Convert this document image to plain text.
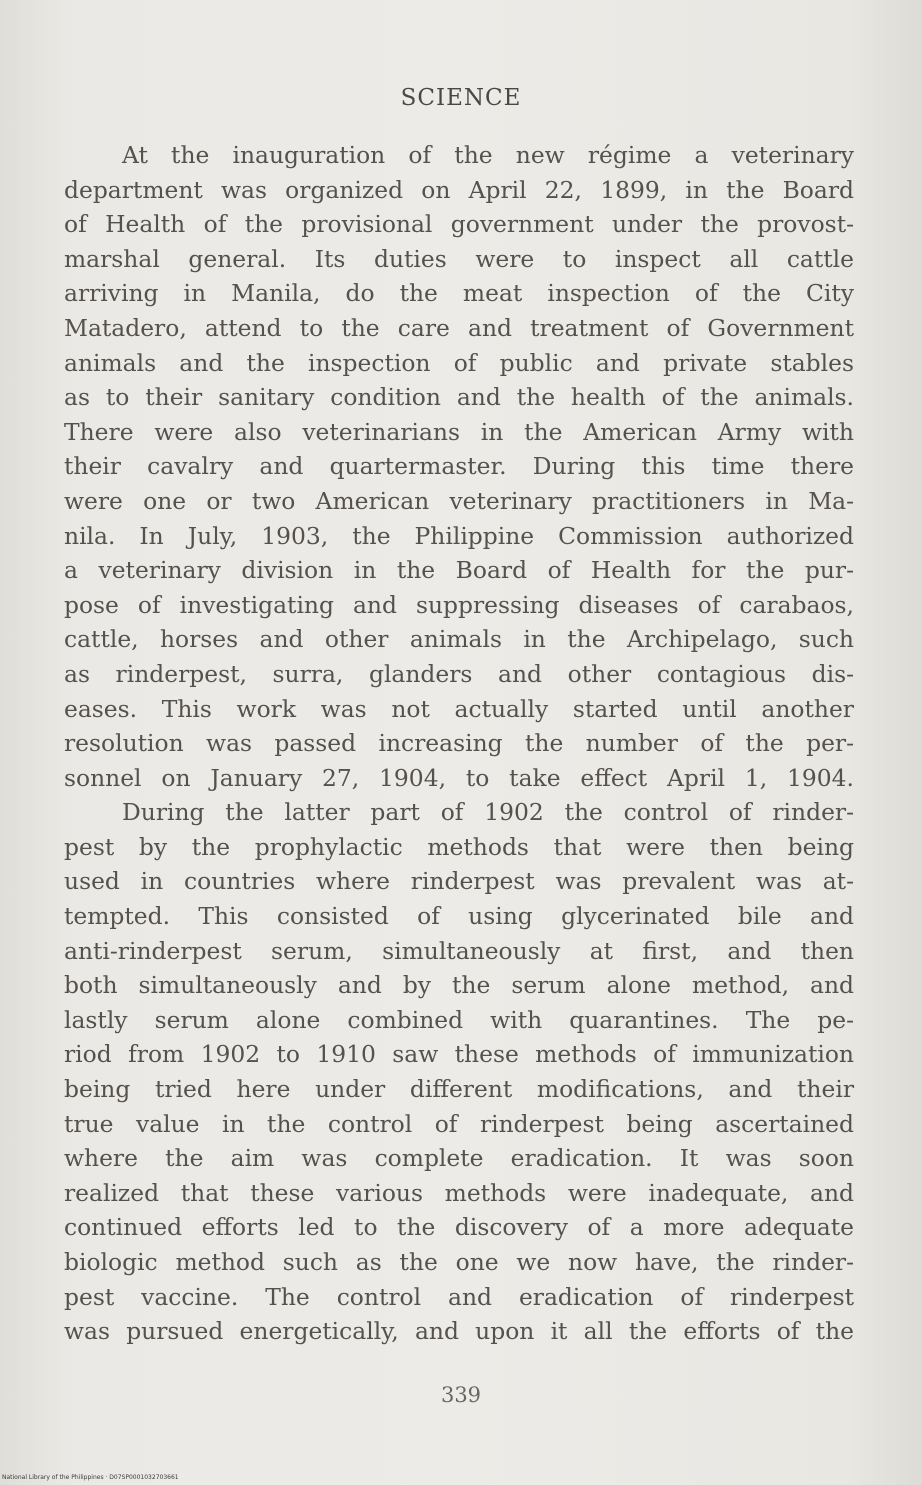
SCIENCE
At the inauguration of the new régime a veterinary
department was organized on April 22, 1899, in the Board
of Health of the provisional government under the provost-
marshal general. Its duties were to inspect all cattle
arriving in Manila, do the meat inspection of the City
Matadero, attend to the care and treatment of Government
animals and the inspection of public and private stables
as to their sanitary condition and the health of the animals.
There were also veterinarians in the American Army with
their cavalry and quartermaster. During this time there
were one or two American veterinary practitioners in Ma-
nila. In July, 1903, the Philippine Commission authorized
a veterinary division in the Board of Health for the pur-
pose of investigating and suppressing diseases of carabaos,
cattle, horses and other animals in the Archipelago, such
as rinderpest, surra, glanders and other contagious dis-
eases. This work was not actually started until another
resolution was passed increasing the number of the per-
sonnel on January 27, 1904, to take effect April 1, 1904.
During the latter part of 1902 the control of rinder-
pest by the prophylactic methods that were then being
used in countries where rinderpest was prevalent was at-
tempted. This consisted of using glycerinated bile and
anti-rinderpest serum, simultaneously at first, and then
both simultaneously and by the serum alone method, and
lastly serum alone combined with quarantines. The pe-
riod from 1902 to 1910 saw these methods of immunization
being tried here under different modifications, and their
true value in the control of rinderpest being ascertained
where the aim was complete eradication. It was soon
realized that these various methods were inadequate, and
continued efforts led to the discovery of a more adequate
biologic method such as the one we now have, the rinder-
pest vaccine. The control and eradication of rinderpest
was pursued energetically, and upon it all the efforts of the
339
National Library of the Philippines · D07SP0001032703661
